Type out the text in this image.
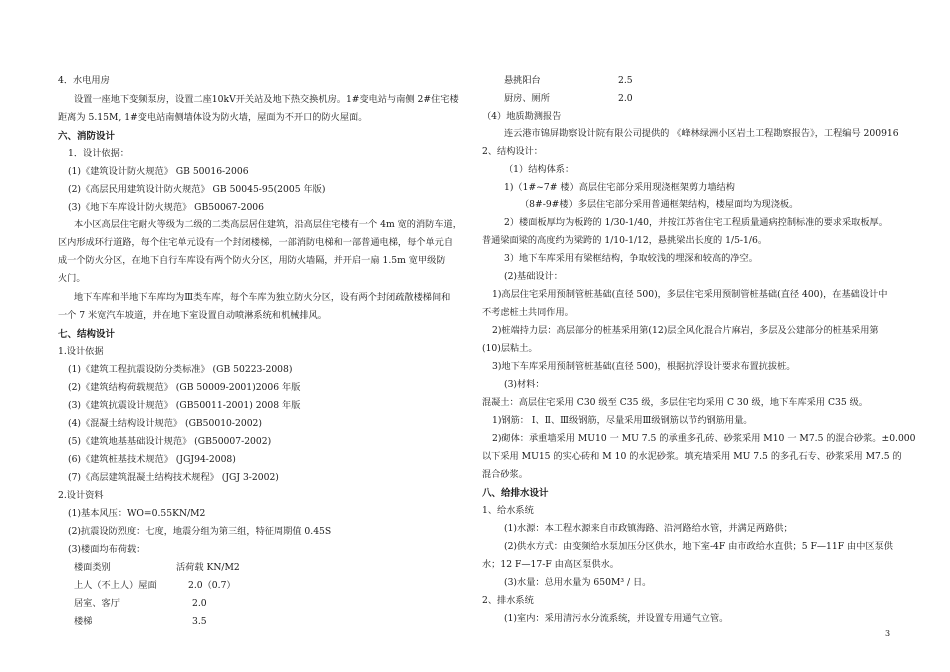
4．水电用房
设置一座地下变频泵房，设置二座10kV开关站及地下热交换机房。1#变电站与南侧 2#住宅楼
距离为 5.15M, 1#变电站南侧墙体设为防火墙，屋面为不开口的防火屋面。
六、消防设计
1．设计依据：
(1)《建筑设计防火规范》 GB 50016-2006
(2)《高层民用建筑设计防火规范》 GB 50045-95(2005 年版)
(3)《地下车库设计防火规范》 GB50067-2006
本小区高层住宅耐火等级为二级的二类高层居住建筑，沿高层住宅楼有一个 4m 宽的消防车道，
区内形成环行道路，每个住宅单元设有一个封闭楼梯，一部消防电梯和一部普通电梯，每个单元自
成一个防火分区，在地下自行车库设有两个防火分区，用防火墙隔，并开启一扇 1.5m 宽甲级防
火门。
地下车库和半地下车库均为Ⅲ类车库，每个车库为独立防火分区，设有两个封闭疏散楼梯间和
一个 7 米宽汽车坡道，并在地下室设置自动喷淋系统和机械排风。
七、结构设计
1.设计依据
(1)《建筑工程抗震设防分类标准》 (GB 50223-2008)
(2)《建筑结构荷载规范》 (GB 50009-2001)2006 年版
(3)《建筑抗震设计规范》 (GB50011-2001) 2008 年版
(4)《混凝土结构设计规范》 (GB50010-2002)
(5)《建筑地基基础设计规范》 (GB50007-2002)
(6)《建筑桩基技术规范》 (JGJ94-2008)
(7)《高层建筑混凝土结构技术规程》 (JGJ 3-2002)
2.设计资料
(1)基本风压：WO=0.55KN/M2
(2)抗震设防烈度：七度，地震分组为第三组，特征周期值 0.45S
(3)楼面均布荷载：
楼面类别	活荷载 KN/M2
上人（不上人）屋面	2.0（0.7）
居室、客厅	2.0
楼梯	3.5
悬挑阳台	2.5
厨房、厕所	2.0
（4）地质勘测报告
连云港市锦屏勘察设计院有限公司提供的 《峰林绿洲小区岩土工程勘察报告》，工程编号 200916
2、结构设计：
（1）结构体系：
1)（1#~7# 楼）高层住宅部分采用现浇框架剪力墙结构
（8#-9#楼）多层住宅部分采用普通框架结构，楼屋面均为现浇板。
2）楼面板厚均为板跨的 1/30-1/40，并按江苏省住宅工程质量通病控制标准的要求采取板厚。
普通梁面梁的高度约为梁跨的 1/10-1/12，悬挑梁出长度的 1/5-1/6。
3）地下车库采用有梁框结构，争取较浅的埋深和较高的净空。
(2)基础设计：
1)高层住宅采用预制管桩基础(直径 500)，多层住宅采用预制管桩基础(直径 400)，在基础设计中
不考虑桩土共同作用。
2)桩端持力层：高层部分的桩基采用第(12)层全风化混合片麻岩，多层及公建部分的桩基采用第
(10)层粘土。
3)地下车库采用预制管桩基础(直径 500)，根据抗浮设计要求布置抗拔桩。
(3)材料：
混凝土：高层住宅采用 C30 级至 C35 级，多层住宅均采用 C 30 级，地下车库采用 C35 级。
1)钢筋： Ⅰ、Ⅱ、Ⅲ级钢筋，尽量采用Ⅲ级钢筋以节约钢筋用量。
2)砌体：承重墙采用 MU10 一 MU 7.5 的承重多孔砖、砂浆采用 M10 一 M7.5 的混合砂浆。±0.000
以下采用 MU15 的实心砖和 M 10 的水泥砂浆。填充墙采用 MU 7.5 的多孔石专、砂浆采用 M7.5 的
混合砂浆。
八、给排水设计
1、给水系统
(1)水源：本工程水源来自市政镇海路、沿河路给水管，并满足两路供；
(2)供水方式：由变频给水泵加压分区供水，地下室-4F 由市政给水直供；5 F—11F 由中区泵供
水；12 F—17-F 由高区泵供水。
(3)水量：总用水量为 650M³ / 日。
2、排水系统
(1)室内：采用清污水分流系统，并设置专用通气立管。
3
